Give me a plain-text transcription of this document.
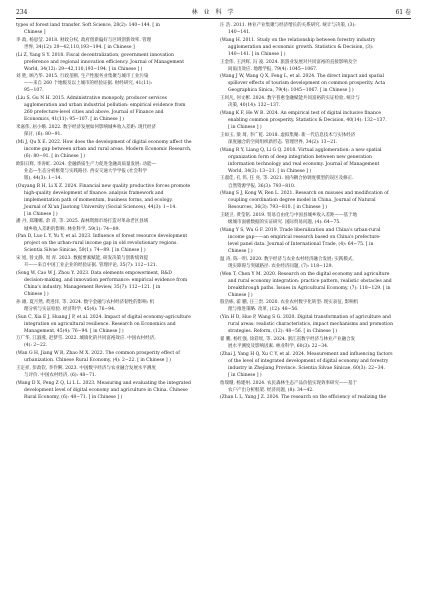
234	林 业 科 学	61 卷

types of forest land transfer. Soft Science, 28(2): 140−144. [ in
Chinese ]

李 政, 杨思莹. 2018. 财政分权, 政府创新偏好与区域创新效率. 管理
世界, 34(12): 29−42,110,193−194. [ in Chinese ]

(Li Z, Yang S Y. 2018. Fiscal decentralization, government innovation
preference and regional innovation efficiency. Journal of Management
World, 34(12): 29−42,110,193−194. [ in Chinese ] )

刘 胜, 顾乃华. 2015. 行政垄断, 生产性服务业集聚与城市工业污染
——来自 260 个地级及以上城市的经验证据. 财经研究, 41(11):
95−107.

(Liu S, Gu N H. 2015. Administrative monopoly, producer services
agglomeration and urban industrial pollution: empirical evidence from
260 prefecture-level cities and above. Journal of Finance and
Economics, 41(11): 95−107. [ in Chinese ] )

米嘉伟, 屈小娥. 2022. 数字经济发展如何影响城乡收入差距: 现代经济
探讨, (6): 80−91.

(Mi J, Qu X E. 2022. How does the development of digital economy affect the
income gap between urban and rural areas. Modern Economic Research,
(6): 80−91. [ in Chinese ] )

欧阳日辉, 李涛虹. 2024. 金融新质生产力促进金融高质量发展: 动能—
业态—生态分析框架与实践路径. 西安交通大学学报 (社会科学
版), 44(3): 1−14.

(Ouyang R H, Li X Z. 2024. Financial new quality productive forces promote
high-quality development of finance: analysis framework and
implementation path of momentum, business forms, and ecology.
Journal of Xi'an Jiaotong University (Social Sciences), 44(3): 1−14.
[ in Chinese ] )

潘 丹, 郑珊娜, 余 萍, 等. 2025. 森林资源市场打造对革命老区县域
城乡收入差距的影响. 林业科学, 59(1): 74−89.

(Pan D, Luo L Y, Yu Y, et al. 2023. Influence of forest resource development
project on the urban-rural income gap in old revolutionary regions.
Scientia Silvae Sinicae, 59(1): 74−89. [ in Chinese ] )

宋 旭, 曾文静, 周 青. 2023. 数据要素赋能, 研发决策与创新绩效提
升——来自中国工业企业的经验证据. 管理评论, 35(7): 112−121.

(Song W, Cao W J, Zhou Y. 2023. Data elements empowerment, R&D
decision-making, and innovation performance: empirical evidence from
China's industry. Management Review, 35(7): 112−121. [ in
Chinese ] )

孙 雄, 夏月然, 黄进洋, 等. 2024. 数字金融与农村经济韧性的影响: 机
理分析与实证检验. 经济科学, 45(4): 76−94.

(Sun C, Xia E J, Huang J P, et al. 2024. Impact of digital economy-agriculture
integration on agricultural resilience. Research on Economics and
Management, 45(4): 76−94. [ in Chinese ] )

万广华, 江淑燕, 赵梦雪. 2022. 城镇化的共同富裕效应. 中国农村经济,
(4): 2−22.

(Wan G H, Jiang W R, Zhao M X. 2022. The common prosperity effect of
urbanization. Chinese Rural Economy, (4): 2−22. [ in Chinese ] )

王定祥, 彭政钦, 李伶俐. 2023. 中国数字经济与农业融合发展水平测度
与评价. 中国农村经济, (6): 48−71.

(Wang D X, Peng Z Q, Li L L. 2023. Measuring and evaluating the integrated
development level of digital economy and agriculture in China. Chinese
Rural Economy, (6): 48−71. [ in Chinese ] )

汪 浩. 2011. 林业产业集聚与经济增长的关系研究. 统计与决策, (3):
140−141.

(Wang H. 2011. Study on the relationship between forestry industry
agglomeration and economic growth. Statistics & Decision, (3):
140−141. [ in Chinese ] )

王金伟, 王洪辉, 冯 凌. 2024. 旅游业发展对共同富裕的直接影响及空
间溢出效应. 地理学报, 79(4): 1045−1067.

(Wang J W, Wang Q X, Feng L, et al. 2024. The direct impact and spatial
spillover effects of tourism development on common prosperity. Acta
Geographica Sinica, 79(4): 1045−1067. [ in Chinese ] )

王珂凡, 何文彬. 2024. 数字普惠金融赋能共同富裕的实证检验. 统计与
决策, 40(14): 132−137.

(Wang K F, He W B. 2024. An empirical test of digital inclusive finance
enabling common prosperity. Statistics & Decision, 40(14): 132−137.
[ in Chinese ] )

王如玉, 梁 琦, 李广乾. 2018. 虚拟集聚: 新一代信息技术与实体经济
深度融合的空间组织新形态. 管理世界, 34(2): 13−21.

(Wang R Y, Liang Q, Li G Q. 2018. Virtual agglomeration: a new spatial
organization form of deep integration between new generation
information technology and real economy. Journal of Management
World, 34(2): 13−21. [ in Chinese ] )

王淑佳, 孔 伟, 任 亮, 等. 2021. 国内耦合协调度模型的误区及修正.
自然资源学报, 36(3): 793−810.

(Wang S J, Kong W, Ren L. 2021. Research on misuses and modification of
coupling coordination degree model in China. Journal of Natural
Resources, 36(3): 793−810. [ in Chinese ] )

王晓卫, 黄莹铭. 2019. 贸易自由化与中国县城乡收入差距——基于地
级城市面板数据的实证研究. 国际贸易问题, (4): 64−75.

(Wang Y S, Wu G F. 2019. Trade liberalization and China's urban-rural
income gap——an empirical research based on China's prefecture-
level panel data. Journal of International Trade, (4): 64−75. [ in
Chinese ] )

温 涛, 陈一明. 2020. 数字经济与农业农村经济融合发展: 实践模式,
现实障碍与突破路径. 农业经济问题, (7): 118−129.

(Wen T, Chen Y M. 2020. Research on the digital economy and agriculture
and rural economy integration: practice pattern, realistic obstacles and
breakthrough paths. Issues in Agricultural Economy, (7): 118−129. [ in
Chinese ] )

殷浩栋, 霍 鹏, 汪三贵. 2020. 农业农村数字化转型: 现实表征, 影响机
理与推进策略. 改革, (12): 48−56.

(Yin H D, Huo P, Wang S G. 2020. Digital transformation of agriculture and
rural areas: realistic characteristics, impact mechanisms and promotion
strategies. Reform, (12): 48−56. [ in Chinese ] )

翟 鹏, 杨红强, 徐彩瑶, 等. 2024. 浙江省数字经济与林业产业融合发
展水平测度及影响因素. 林业科学, 60(3): 22−34.

(Zhai J, Yang H Q, Xu C Y, et al. 2024. Measurement and influencing factors
of the level of integrated development of digital economy and forestry
industry in Zhejiang Province. Scientia Silvae Sinicae, 60(3): 22−34.
[ in Chinese ] )

詹瑞珊, 杨建州. 2024. 农民森林生态产品价值实现效率研究——基于
农户产出分析框架. 经济问题, (8): 34−42.

(Zhan L L, Yang J Z. 2024. The research on the efficiency of realizing the
